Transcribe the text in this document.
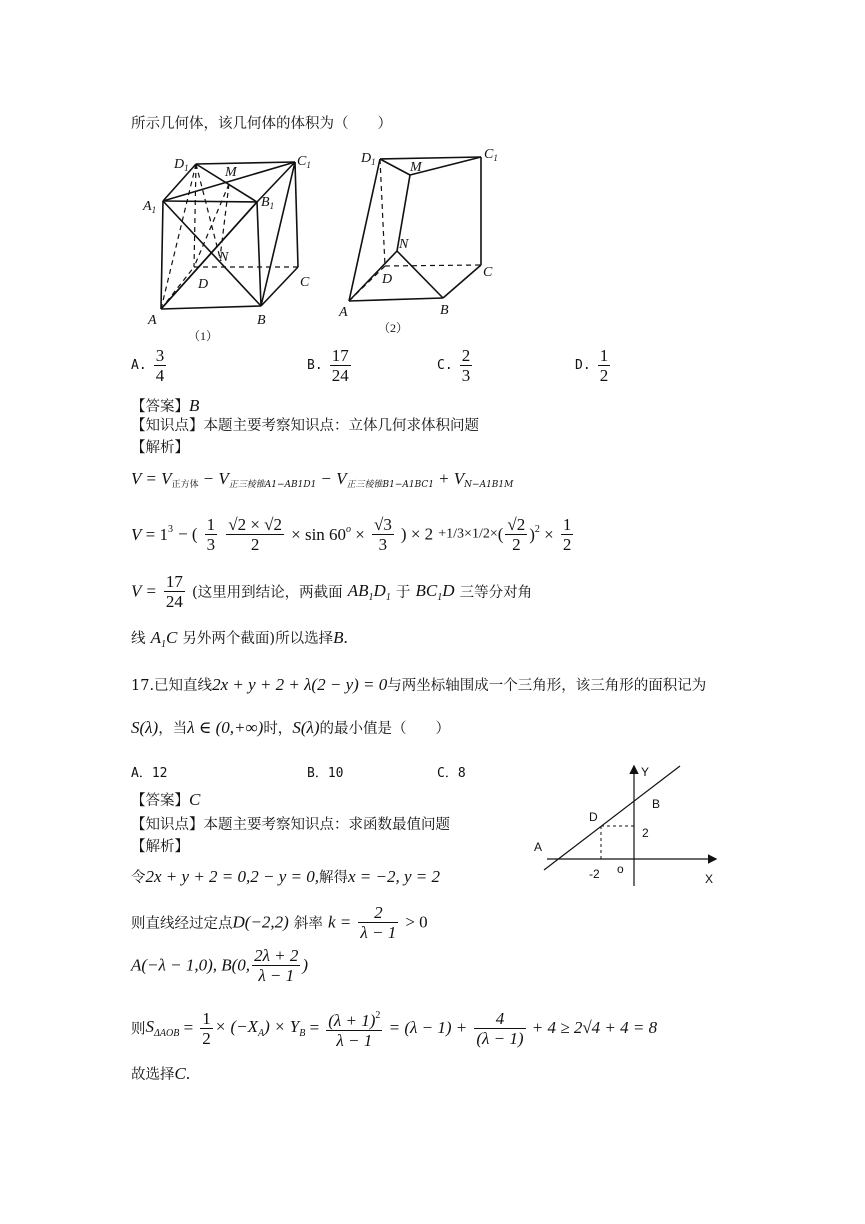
所示几何体，该几何体的体积为（　　）
$D_1$	M
$C_1$
$A_1$	$B_1$
N
D	C
A	B
（1）
$D_1$ M
$C_1$
N
D	C
A	B
（2）
A. $\frac{3}{4}$	B. $\frac{17}{24}$	C. $\frac{2}{3}$	D. $\frac{1}{2}$
【答案】B
【知识点】本题主要考察知识点：立体几何求体积问题
【解析】
$V = V_{正方体} - V_{正三棱锥A1-AB1D1} - V_{正三棱锥B1-A1BC1} + V_{N-A1B1M}$
$V = 1^3$ − ( $\frac{1}{3}$
$\frac{√2 \times √2}{2} \times \sin 60^o \times \frac{√3}{3}$ ) × $2 +1/3\times 1/2\times( \frac{√2}{2} )^2 \times \frac{1}{2}$
$V = \frac{17}{24}$ (这里用到结论，两截面 $AB_1D_1$ 于 $BC_1D$ 三等分对角
线 $A_1C$ 另外两个截面)所以选择B.
17.已知直线2x + y + 2 + λ(2 − y) = 0与两坐标轴围成一个三角形，该三角形的面积记为
S(λ)，当λ ∈ (0,+∞)时，S(λ)的最小值是（　　）
A．12	B．10	C．8
【答案】C
【知识点】本题主要考察知识点：求函数最值问题
【解析】
Y
X
B
D
A
2
-2 o
令2x + y + 2 = 0,2 − y = 0,解得x = −2, y = 2
则直线经过定点D(−2,2) 斜率 $k = \frac{2}{\lambda - 1} > 0$
A(−λ − 1,0), B(0, $\frac{2\lambda + 2}{\lambda - 1}$ )
则$S_{\Delta AOB} = \frac{1}{2} \times (-X_A) \times Y_B = \frac{(\lambda + 1)^2}{\lambda - 1} = (\lambda - 1) + \frac{4}{(\lambda - 1)} + 4 \ge 2√4 + 4 = 8$
故选择C.
